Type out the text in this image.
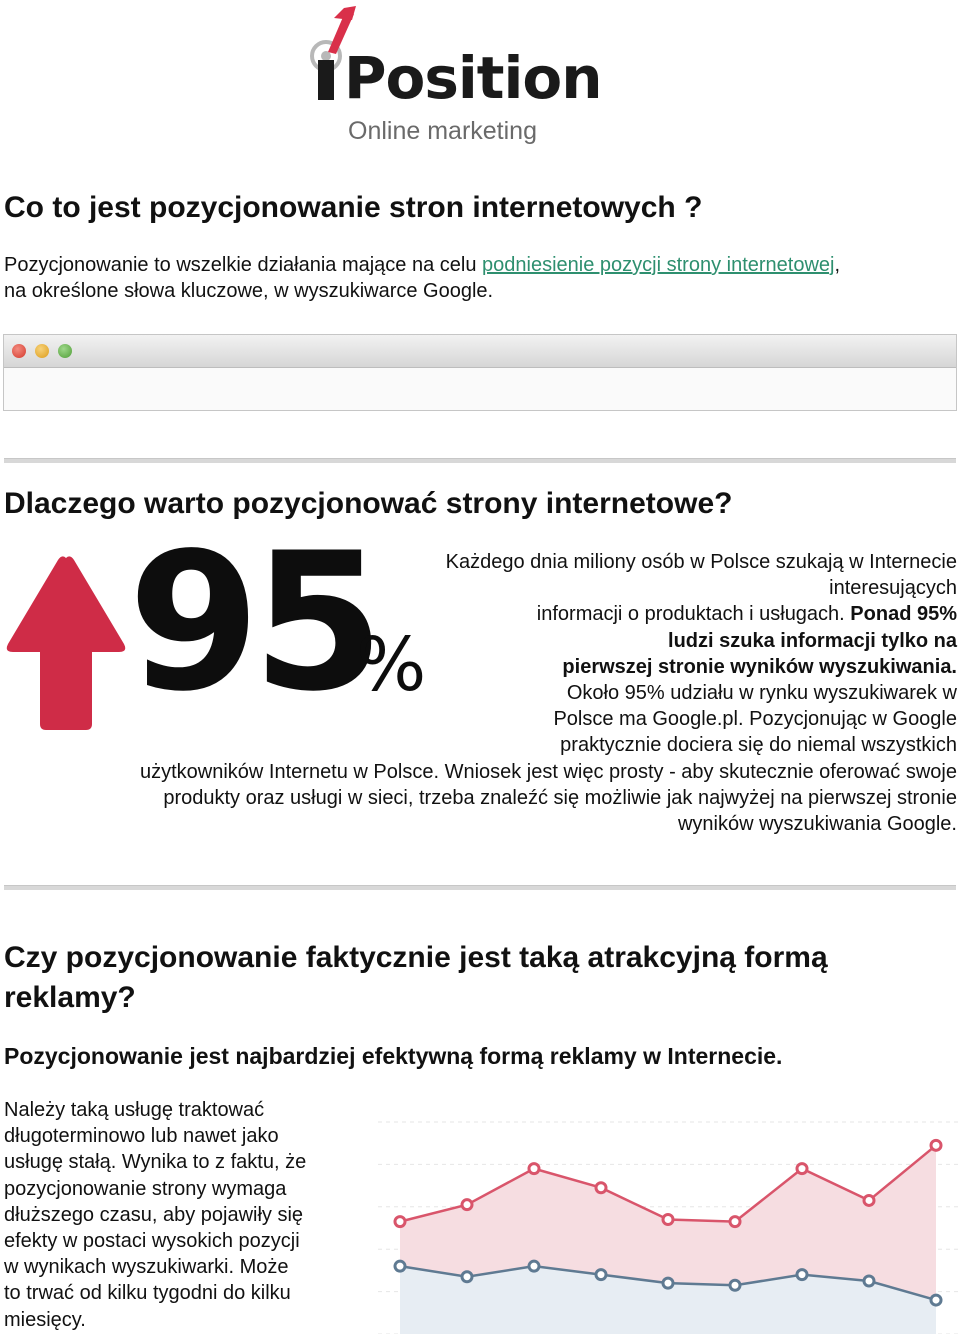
Position
Online marketing
Co to jest pozycjonowanie stron internetowych ?
Pozycjonowanie to wszelkie działania mające na celu podniesienie pozycji strony internetowej,
na określone słowa kluczowe, w wyszukiwarce Google.
Dlaczego warto pozycjonować strony internetowe?
95
%
Każdego dnia miliony osób w Polsce szukają w Internecie
interesujących
informacji o produktach i usługach. Ponad 95%
ludzi szuka informacji tylko na
pierwszej stronie wyników wyszukiwania.
Około 95% udziału w rynku wyszukiwarek w
Polsce ma Google.pl. Pozycjonując w Google
praktycznie dociera się do niemal wszystkich
użytkowników Internetu w Polsce. Wniosek jest więc prosty - aby skutecznie oferować swoje
produkty oraz usługi w sieci, trzeba znaleźć się możliwie jak najwyżej na pierwszej stronie
wyników wyszukiwania Google.
Czy pozycjonowanie faktycznie jest taką atrakcyjną formą
reklamy?
Pozycjonowanie jest najbardziej efektywną formą reklamy w Internecie.
Należy taką usługę traktować
długoterminowo lub nawet jako
usługę stałą. Wynika to z faktu, że
pozycjonowanie strony wymaga
dłuższego czasu, aby pojawiły się
efekty w postaci wysokich pozycji
w wynikach wyszukiwarki. Może
to trwać od kilku tygodni do kilku
miesięcy.
